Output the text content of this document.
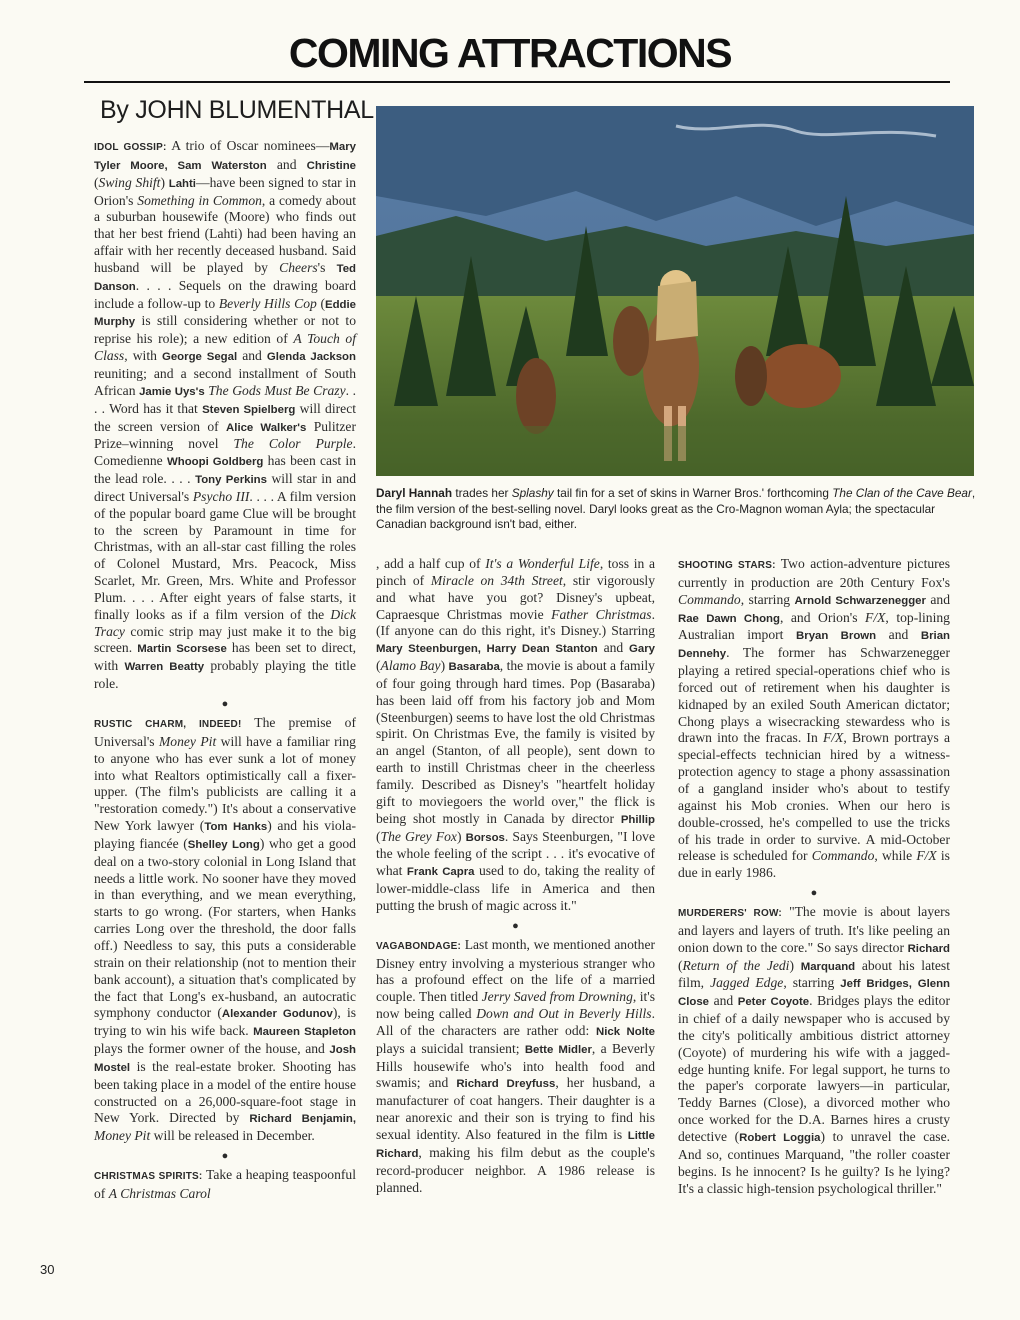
COMING ATTRACTIONS
By JOHN BLUMENTHAL
Daryl Hannah trades her Splashy tail fin for a set of skins in Warner Bros.' forthcoming The Clan of the Cave Bear, the film version of the best-selling novel. Daryl looks great as the Cro-Magnon woman Ayla; the spectacular Canadian background isn't bad, either.

IDOL GOSSIP: A trio of Oscar nominees—Mary Tyler Moore, Sam Waterston and Christine (Swing Shift) Lahti—have been signed to star in Orion's Something in Common, a comedy about a suburban housewife (Moore) who finds out that her best friend (Lahti) had been having an affair with her recently deceased husband. Said husband will be played by Cheers's Ted Danson. . . . Sequels on the drawing board include a follow-up to Beverly Hills Cop (Eddie Murphy is still considering whether or not to reprise his role); a new edition of A Touch of Class, with George Segal and Glenda Jackson reuniting; and a second installment of South African Jamie Uys's The Gods Must Be Crazy. . . . Word has it that Steven Spielberg will direct the screen version of Alice Walker's Pulitzer Prize–winning novel The Color Purple. Comedienne Whoopi Goldberg has been cast in the lead role. . . . Tony Perkins will star in and direct Universal's Psycho III. . . . A film version of the popular board game Clue will be brought to the screen by Paramount in time for Christmas, with an all-star cast filling the roles of Colonel Mustard, Mrs. Peacock, Miss Scarlet, Mr. Green, Mrs. White and Professor Plum. . . . After eight years of false starts, it finally looks as if a film version of the Dick Tracy comic strip may just make it to the big screen. Martin Scorsese has been set to direct, with Warren Beatty probably playing the title role.

●

RUSTIC CHARM, INDEED! The premise of Universal's Money Pit will have a familiar ring to anyone who has ever sunk a lot of money into what Realtors optimistically call a fixer-upper. (The film's publicists are calling it a "restoration comedy.") It's about a conservative New York lawyer (Tom Hanks) and his viola-playing fiancée (Shelley Long) who get a good deal on a two-story colonial in Long Island that needs a little work. No sooner have they moved in than everything, and we mean everything, starts to go wrong. (For starters, when Hanks carries Long over the threshold, the door falls off.) Needless to say, this puts a considerable strain on their relationship (not to mention their bank account), a situation that's complicated by the fact that Long's ex-husband, an autocratic symphony conductor (Alexander Godunov), is trying to win his wife back. Maureen Stapleton plays the former owner of the house, and Josh Mostel is the real-estate broker. Shooting has been taking place in a model of the entire house constructed on a 26,000-square-foot stage in New York. Directed by Richard Benjamin, Money Pit will be released in December.

●

CHRISTMAS SPIRITS: Take a heaping teaspoonful of A Christmas Carol

, add a half cup of It's a Wonderful Life, toss in a pinch of Miracle on 34th Street, stir vigorously and what have you got? Disney's upbeat, Capraesque Christmas movie Father Christmas. (If anyone can do this right, it's Disney.) Starring Mary Steenburgen, Harry Dean Stanton and Gary (Alamo Bay) Basaraba, the movie is about a family of four going through hard times. Pop (Basaraba) has been laid off from his factory job and Mom (Steenburgen) seems to have lost the old Christmas spirit. On Christmas Eve, the family is visited by an angel (Stanton, of all people), sent down to earth to instill Christmas cheer in the cheerless family. Described as Disney's "heartfelt holiday gift to moviegoers the world over," the flick is being shot mostly in Canada by director Phillip (The Grey Fox) Borsos. Says Steenburgen, "I love the whole feeling of the script . . . it's evocative of what Frank Capra used to do, taking the reality of lower-middle-class life in America and then putting the brush of magic across it."

●

VAGABONDAGE: Last month, we mentioned another Disney entry involving a mysterious stranger who has a profound effect on the life of a married couple. Then titled Jerry Saved from Drowning, it's now being called Down and Out in Beverly Hills. All of the characters are rather odd: Nick Nolte plays a suicidal transient; Bette Midler, a Beverly Hills housewife who's into health food and swamis; and Richard Dreyfuss, her husband, a manufacturer of coat hangers. Their daughter is a near anorexic and their son is trying to find his sexual identity. Also featured in the film is Little Richard, making his film debut as the couple's record-producer neighbor. A 1986 release is planned.

SHOOTING STARS: Two action-adventure pictures currently in production are 20th Century Fox's Commando, starring Arnold Schwarzenegger and Rae Dawn Chong, and Orion's F/X, top-lining Australian import Bryan Brown and Brian Dennehy. The former has Schwarzenegger playing a retired special-operations chief who is forced out of retirement when his daughter is kidnaped by an exiled South American dictator; Chong plays a wisecracking stewardess who is drawn into the fracas. In F/X, Brown portrays a special-effects technician hired by a witness-protection agency to stage a phony assassination of a gangland insider who's about to testify against his Mob cronies. When our hero is double-crossed, he's compelled to use the tricks of his trade in order to survive. A mid-October release is scheduled for Commando, while F/X is due in early 1986.

●

MURDERERS' ROW: "The movie is about layers and layers and layers of truth. It's like peeling an onion down to the core." So says director Richard (Return of the Jedi) Marquand about his latest film, Jagged Edge, starring Jeff Bridges, Glenn Close and Peter Coyote. Bridges plays the editor in chief of a daily newspaper who is accused by the city's politically ambitious district attorney (Coyote) of murdering his wife with a jagged-edge hunting knife. For legal support, he turns to the paper's corporate lawyers—in particular, Teddy Barnes (Close), a divorced mother who once worked for the D.A. Barnes hires a crusty detective (Robert Loggia) to unravel the case. And so, continues Marquand, "the roller coaster begins. Is he innocent? Is he guilty? Is he lying? It's a classic high-tension psychological thriller."

30
